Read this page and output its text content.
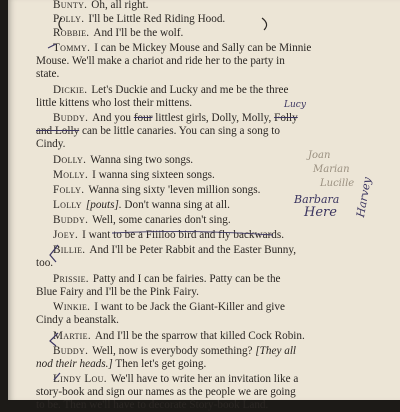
Bunty. Oh, all right.
Polly. I'll be Little Red Riding Hood.
Robbie. And I'll be the wolf.
Tommy. I can be Mickey Mouse and Sally can be Minnie
Mouse. We'll make a chariot and ride her to the party in
state.
Dickie. Let's Duckie and Lucky and me be the three
little kittens who lost their mittens.
Buddy. And you four littlest girls, Dolly, Molly, Folly
and Lolly can be little canaries. You can sing a song to
Cindy.
Dolly. Wanna sing two songs.
Molly. I wanna sing sixteen songs.
Folly. Wanna sing sixty 'leven million songs.
Lolly [pouts]. Don't wanna sing at all.
Buddy. Well, some canaries don't sing.
Joey. I want to be a Fiiiloo bird and fly backwards.
Billie. And I'll be Peter Rabbit and the Easter Bunny,
too.
Prissie. Patty and I can be fairies. Patty can be the
Blue Fairy and I'll be the Pink Fairy.
Winkie. I want to be Jack the Giant-Killer and give
Cindy a beanstalk.
Martie. And I'll be the sparrow that killed Cock Robin.
Buddy. Well, now is everybody something? [They all
nod their heads.] Then let's get going.
Lindy Lou. We'll have to write her an invitation like a
story-book and sign our names as the people we are going
to be. Then we'll have to decorate Story-book Land.
Lucy
Joan
Marian
Lucille
Barbara
Here Harvey
